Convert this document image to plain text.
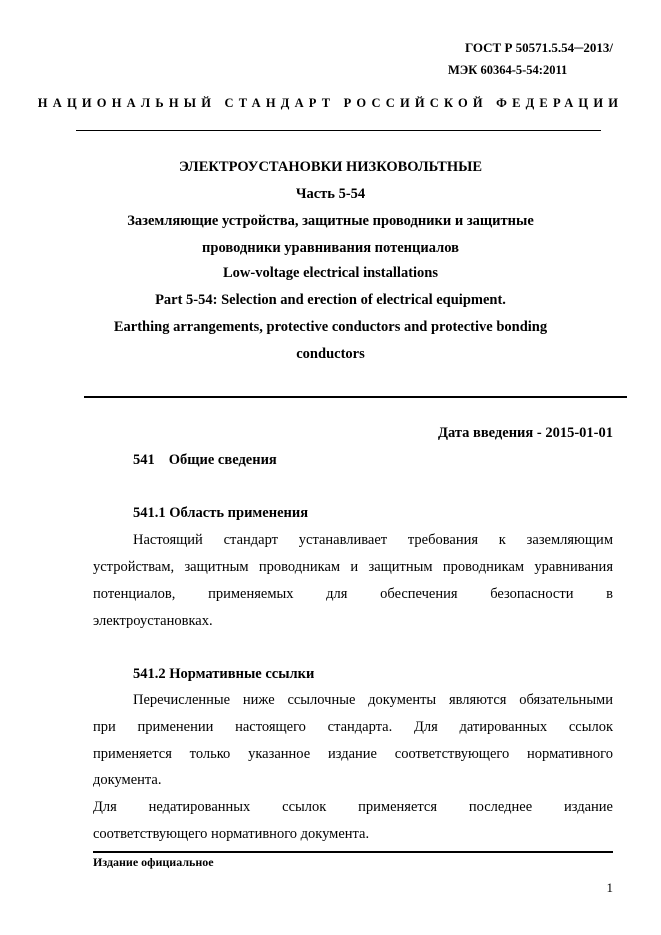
ГОСТ Р 50571.5.54─2013/
МЭК 60364-5-54:2011
НАЦИОНАЛЬНЫЙ СТАНДАРТ РОССИЙСКОЙ ФЕДЕРАЦИИ
ЭЛЕКТРОУСТАНОВКИ НИЗКОВОЛЬТНЫЕ
Часть 5-54
Заземляющие устройства, защитные проводники и защитные
проводники уравнивания потенциалов
Low-voltage electrical installations
Part 5-54: Selection and erection of electrical equipment.
Earthing arrangements, protective conductors and protective bonding
conductors
Дата введения - 2015-01-01
541 Общие сведения
541.1 Область применения
Настоящий стандарт устанавливает требования к заземляющим
устройствам, защитным проводникам и защитным проводникам уравнивания
потенциалов, применяемых для обеспечения безопасности в
электроустановках.
541.2 Нормативные ссылки
Перечисленные ниже ссылочные документы являются обязательными
при применении настоящего стандарта. Для датированных ссылок
применяется только указанное издание соответствующего нормативного
документа.
Для недатированных ссылок применяется последнее издание
соответствующего нормативного документа.
Издание официальное
1
